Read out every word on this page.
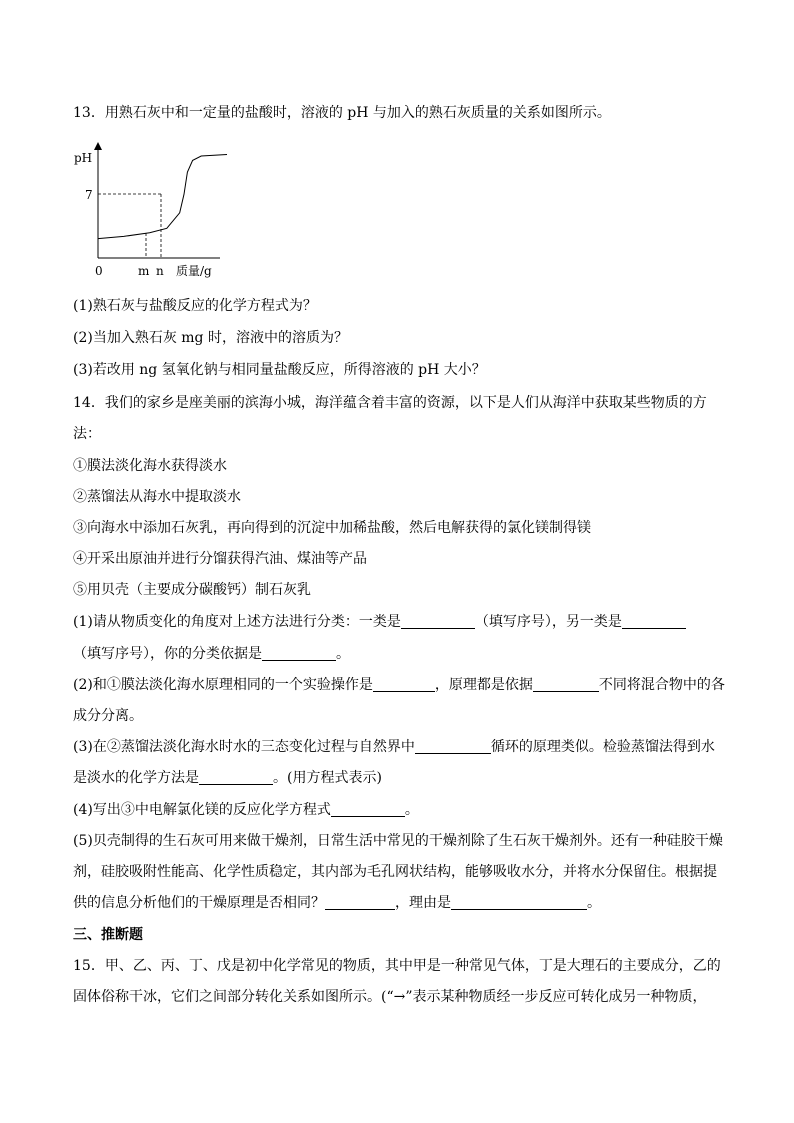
13．用熟石灰中和一定量的盐酸时，溶液的 pH 与加入的熟石灰质量的关系如图所示。
pH
7
0	m n 质量/g
(1)熟石灰与盐酸反应的化学方程式为？
(2)当加入熟石灰 mg 时，溶液中的溶质为？
(3)若改用 ng 氢氧化钠与相同量盐酸反应，所得溶液的 pH 大小？
14．我们的家乡是座美丽的滨海小城，海洋蕴含着丰富的资源，以下是人们从海洋中获取某些物质的方
法：
①膜法淡化海水获得淡水
②蒸馏法从海水中提取淡水
③向海水中添加石灰乳，再向得到的沉淀中加稀盐酸，然后电解获得的氯化镁制得镁
④开采出原油并进行分馏获得汽油、煤油等产品
⑤用贝壳（主要成分碳酸钙）制石灰乳
(1)请从物质变化的角度对上述方法进行分类：一类是	（填写序号），另一类是
（填写序号），你的分类依据是	。
(2)和①膜法淡化海水原理相同的一个实验操作是	，原理都是依据	不同将混合物中的各
成分分离。
(3)在②蒸馏法淡化海水时水的三态变化过程与自然界中	循环的原理类似。检验蒸馏法得到水
是淡水的化学方法是	。(用方程式表示)
(4)写出③中电解氯化镁的反应化学方程式	。
(5)贝壳制得的生石灰可用来做干燥剂，日常生活中常见的干燥剂除了生石灰干燥剂外。还有一种硅胶干燥
剂，硅胶吸附性能高、化学性质稳定，其内部为毛孔网状结构，能够吸收水分，并将水分保留住。根据提
供的信息分析他们的干燥原理是否相同？	，理由是	。
三、推断题
15．甲、乙、丙、丁、戊是初中化学常见的物质，其中甲是一种常见气体，丁是大理石的主要成分，乙的
固体俗称干冰，它们之间部分转化关系如图所示。(“→”表示某种物质经一步反应可转化成另一种物质，
